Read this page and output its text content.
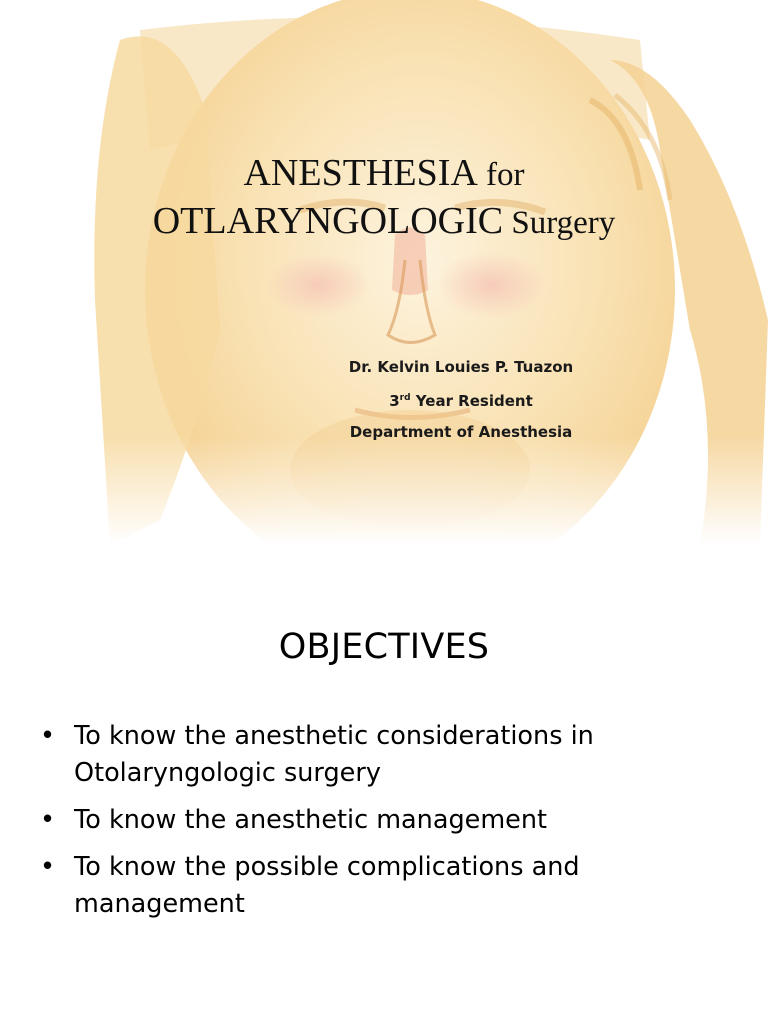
ANESTHESIA for
OTLARYNGOLOGIC Surgery
Dr. Kelvin Louies P. Tuazon
3rd Year Resident
Department of Anesthesia
OBJECTIVES
• To know the anesthetic considerations in Otolaryngologic surgery
• To know the anesthetic management
• To know the possible complications and management
